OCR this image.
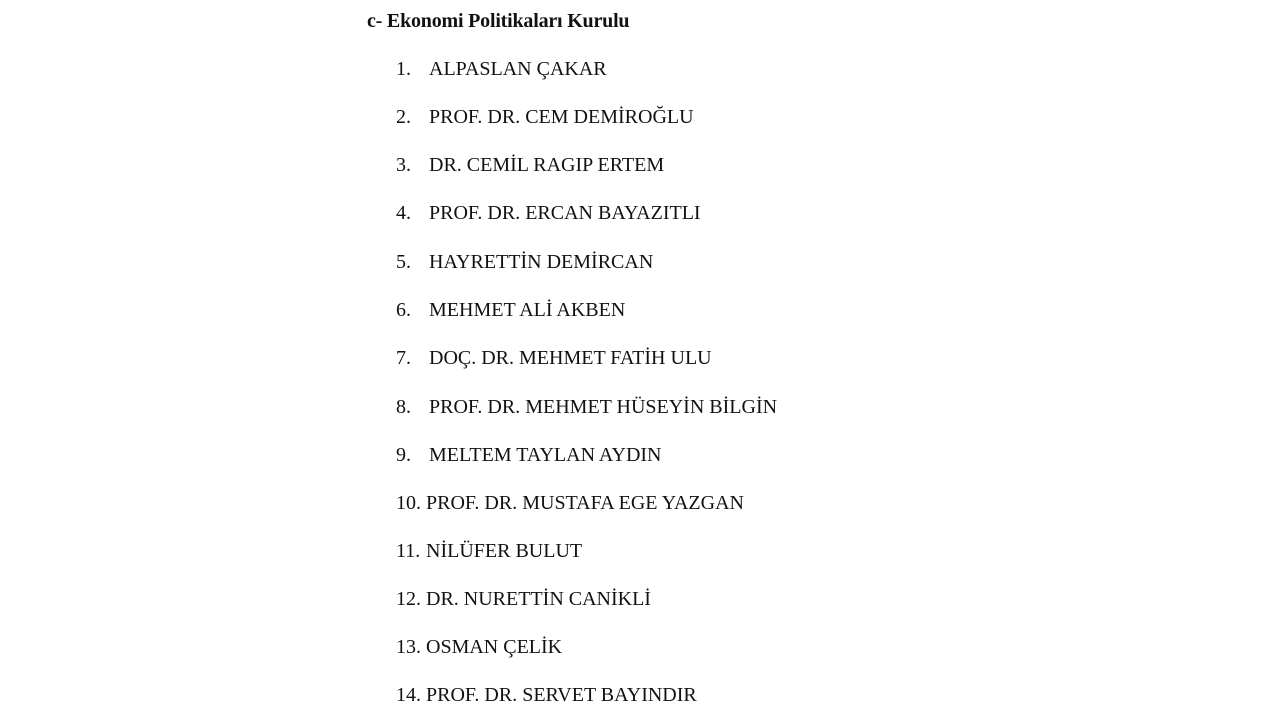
c- Ekonomi Politikaları Kurulu
1. ALPASLAN ÇAKAR
2. PROF. DR. CEM DEMİROĞLU
3. DR. CEMİL RAGIP ERTEM
4. PROF. DR. ERCAN BAYAZITLI
5. HAYRETTİN DEMİRCAN
6. MEHMET ALİ AKBEN
7. DOÇ. DR. MEHMET FATİH ULU
8. PROF. DR. MEHMET HÜSEYİN BİLGİN
9. MELTEM TAYLAN AYDIN
10. PROF. DR. MUSTAFA EGE YAZGAN
11. NİLÜFER BULUT
12. DR. NURETTİN CANİKLİ
13. OSMAN ÇELİK
14. PROF. DR. SERVET BAYINDIR
